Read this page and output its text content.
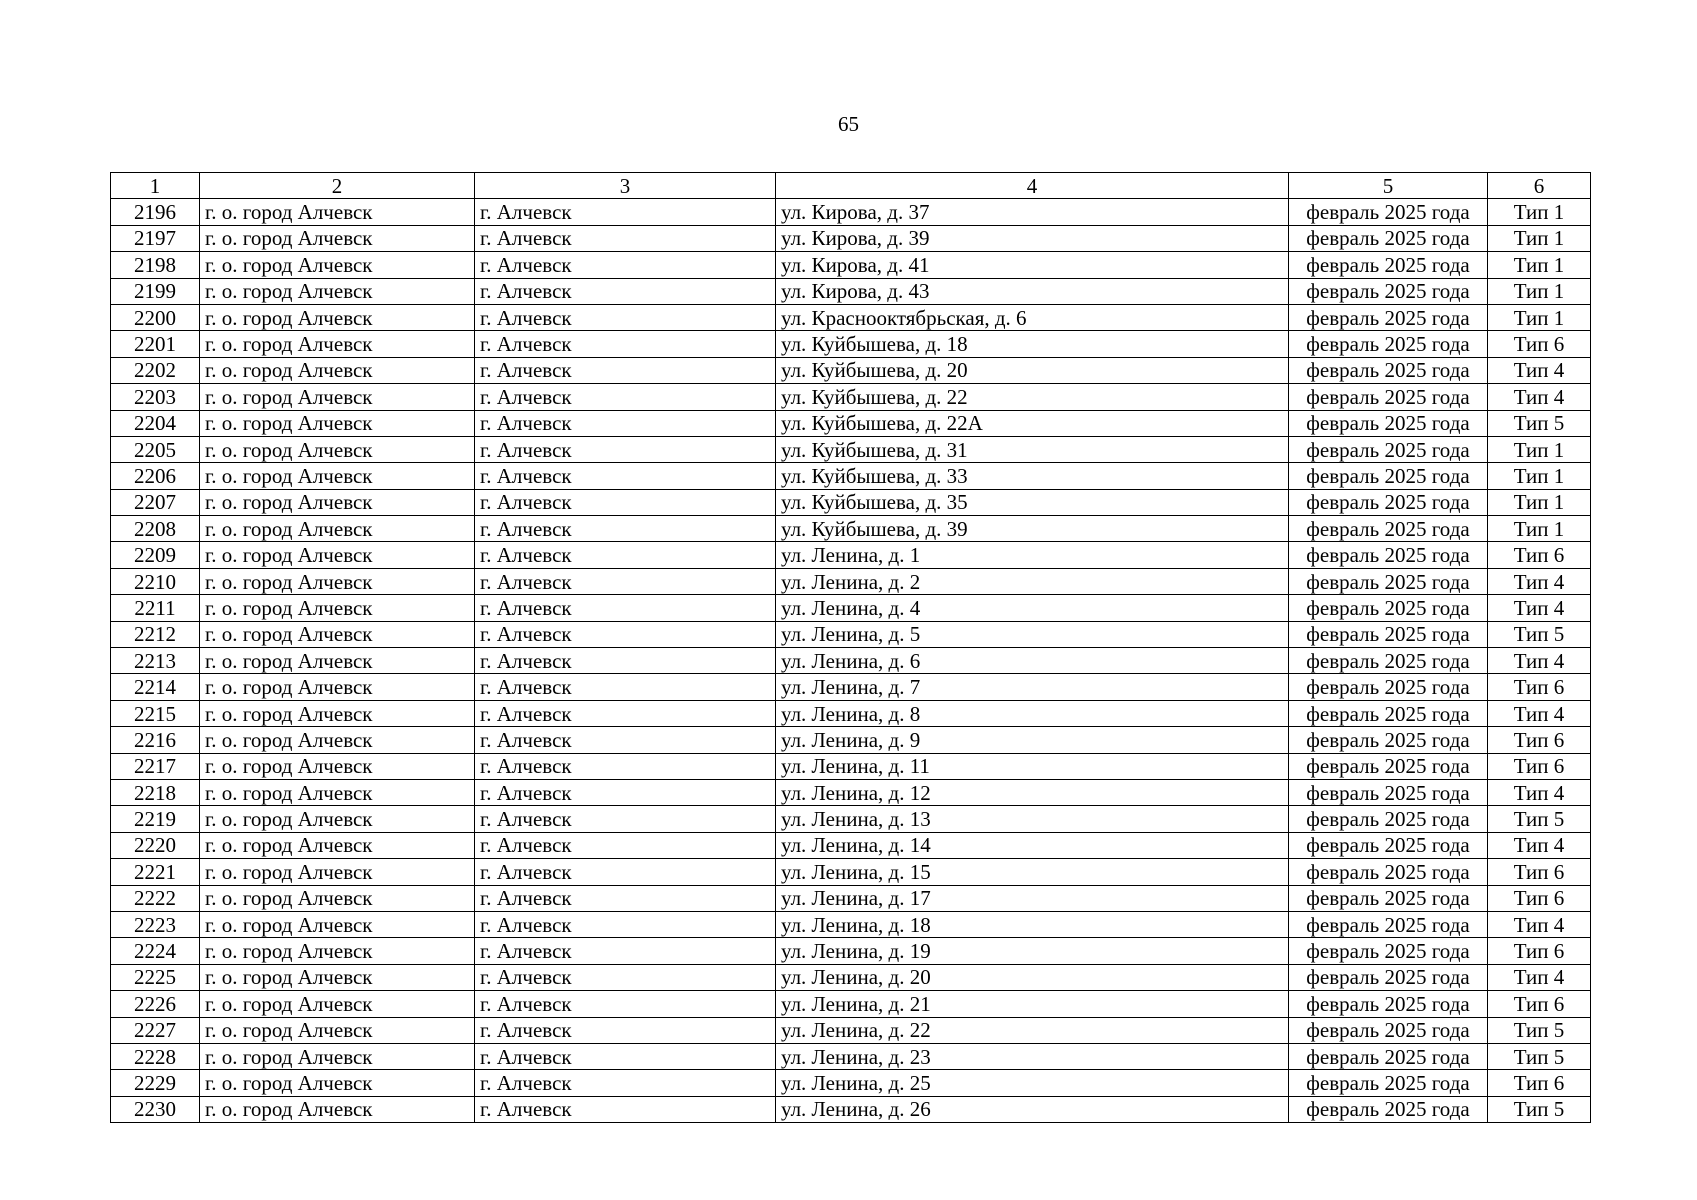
65
1	2	3	4	5	6
2196	г. о. город Алчевск	г. Алчевск	ул. Кирова, д. 37	февраль 2025 года	Тип 1
2197	г. о. город Алчевск	г. Алчевск	ул. Кирова, д. 39	февраль 2025 года	Тип 1
2198	г. о. город Алчевск	г. Алчевск	ул. Кирова, д. 41	февраль 2025 года	Тип 1
2199	г. о. город Алчевск	г. Алчевск	ул. Кирова, д. 43	февраль 2025 года	Тип 1
2200	г. о. город Алчевск	г. Алчевск	ул. Краснооктябрьская, д. 6	февраль 2025 года	Тип 1
2201	г. о. город Алчевск	г. Алчевск	ул. Куйбышева, д. 18	февраль 2025 года	Тип 6
2202	г. о. город Алчевск	г. Алчевск	ул. Куйбышева, д. 20	февраль 2025 года	Тип 4
2203	г. о. город Алчевск	г. Алчевск	ул. Куйбышева, д. 22	февраль 2025 года	Тип 4
2204	г. о. город Алчевск	г. Алчевск	ул. Куйбышева, д. 22А	февраль 2025 года	Тип 5
2205	г. о. город Алчевск	г. Алчевск	ул. Куйбышева, д. 31	февраль 2025 года	Тип 1
2206	г. о. город Алчевск	г. Алчевск	ул. Куйбышева, д. 33	февраль 2025 года	Тип 1
2207	г. о. город Алчевск	г. Алчевск	ул. Куйбышева, д. 35	февраль 2025 года	Тип 1
2208	г. о. город Алчевск	г. Алчевск	ул. Куйбышева, д. 39	февраль 2025 года	Тип 1
2209	г. о. город Алчевск	г. Алчевск	ул. Ленина, д. 1	февраль 2025 года	Тип 6
2210	г. о. город Алчевск	г. Алчевск	ул. Ленина, д. 2	февраль 2025 года	Тип 4
2211	г. о. город Алчевск	г. Алчевск	ул. Ленина, д. 4	февраль 2025 года	Тип 4
2212	г. о. город Алчевск	г. Алчевск	ул. Ленина, д. 5	февраль 2025 года	Тип 5
2213	г. о. город Алчевск	г. Алчевск	ул. Ленина, д. 6	февраль 2025 года	Тип 4
2214	г. о. город Алчевск	г. Алчевск	ул. Ленина, д. 7	февраль 2025 года	Тип 6
2215	г. о. город Алчевск	г. Алчевск	ул. Ленина, д. 8	февраль 2025 года	Тип 4
2216	г. о. город Алчевск	г. Алчевск	ул. Ленина, д. 9	февраль 2025 года	Тип 6
2217	г. о. город Алчевск	г. Алчевск	ул. Ленина, д. 11	февраль 2025 года	Тип 6
2218	г. о. город Алчевск	г. Алчевск	ул. Ленина, д. 12	февраль 2025 года	Тип 4
2219	г. о. город Алчевск	г. Алчевск	ул. Ленина, д. 13	февраль 2025 года	Тип 5
2220	г. о. город Алчевск	г. Алчевск	ул. Ленина, д. 14	февраль 2025 года	Тип 4
2221	г. о. город Алчевск	г. Алчевск	ул. Ленина, д. 15	февраль 2025 года	Тип 6
2222	г. о. город Алчевск	г. Алчевск	ул. Ленина, д. 17	февраль 2025 года	Тип 6
2223	г. о. город Алчевск	г. Алчевск	ул. Ленина, д. 18	февраль 2025 года	Тип 4
2224	г. о. город Алчевск	г. Алчевск	ул. Ленина, д. 19	февраль 2025 года	Тип 6
2225	г. о. город Алчевск	г. Алчевск	ул. Ленина, д. 20	февраль 2025 года	Тип 4
2226	г. о. город Алчевск	г. Алчевск	ул. Ленина, д. 21	февраль 2025 года	Тип 6
2227	г. о. город Алчевск	г. Алчевск	ул. Ленина, д. 22	февраль 2025 года	Тип 5
2228	г. о. город Алчевск	г. Алчевск	ул. Ленина, д. 23	февраль 2025 года	Тип 5
2229	г. о. город Алчевск	г. Алчевск	ул. Ленина, д. 25	февраль 2025 года	Тип 6
2230	г. о. город Алчевск	г. Алчевск	ул. Ленина, д. 26	февраль 2025 года	Тип 5
